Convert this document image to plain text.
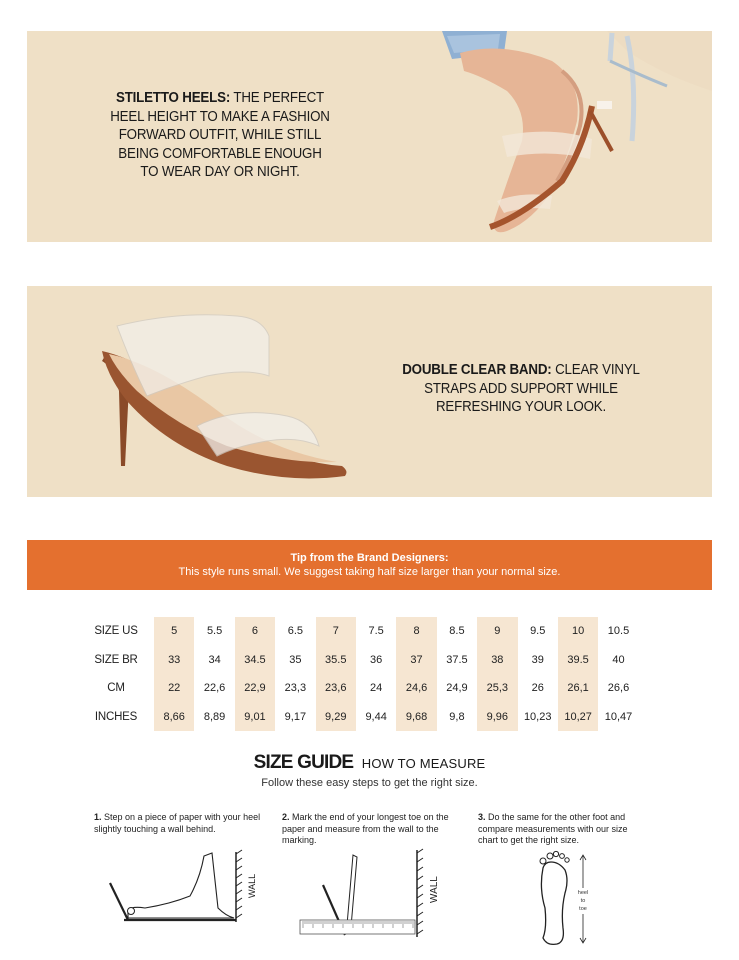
STILETTO HEELS: THE PERFECT HEEL HEIGHT TO MAKE A FASHION FORWARD OUTFIT, WHILE STILL BEING COMFORTABLE ENOUGH TO WEAR DAY OR NIGHT.
DOUBLE CLEAR BAND: CLEAR VINYL STRAPS ADD SUPPORT WHILE REFRESHING YOUR LOOK.
Tip from the Brand Designers:
This style runs small. We suggest taking half size larger than your normal size.
SIZE US	5	5.5	6	6.5	7	7.5	8	8.5	9	9.5	10	10.5
SIZE BR	33	34	34.5	35	35.5	36	37	37.5	38	39	39.5	40
CM	22	22,6	22,9	23,3	23,6	24	24,6	24,9	25,3	26	26,1	26,6
INCHES	8,66	8,89	9,01	9,17	9,29	9,44	9,68	9,8	9,96	10,23	10,27	10,47
SIZE GUIDE HOW TO MEASURE
Follow these easy steps to get the right size.
1. Step on a piece of paper with your heel slightly touching a wall behind.
2. Mark the end of your longest toe on the paper and measure from the wall to the marking.
3. Do the same for the other foot and compare measurements with our size chart to get the right size.
WALL	WALL	heel
to
toe
